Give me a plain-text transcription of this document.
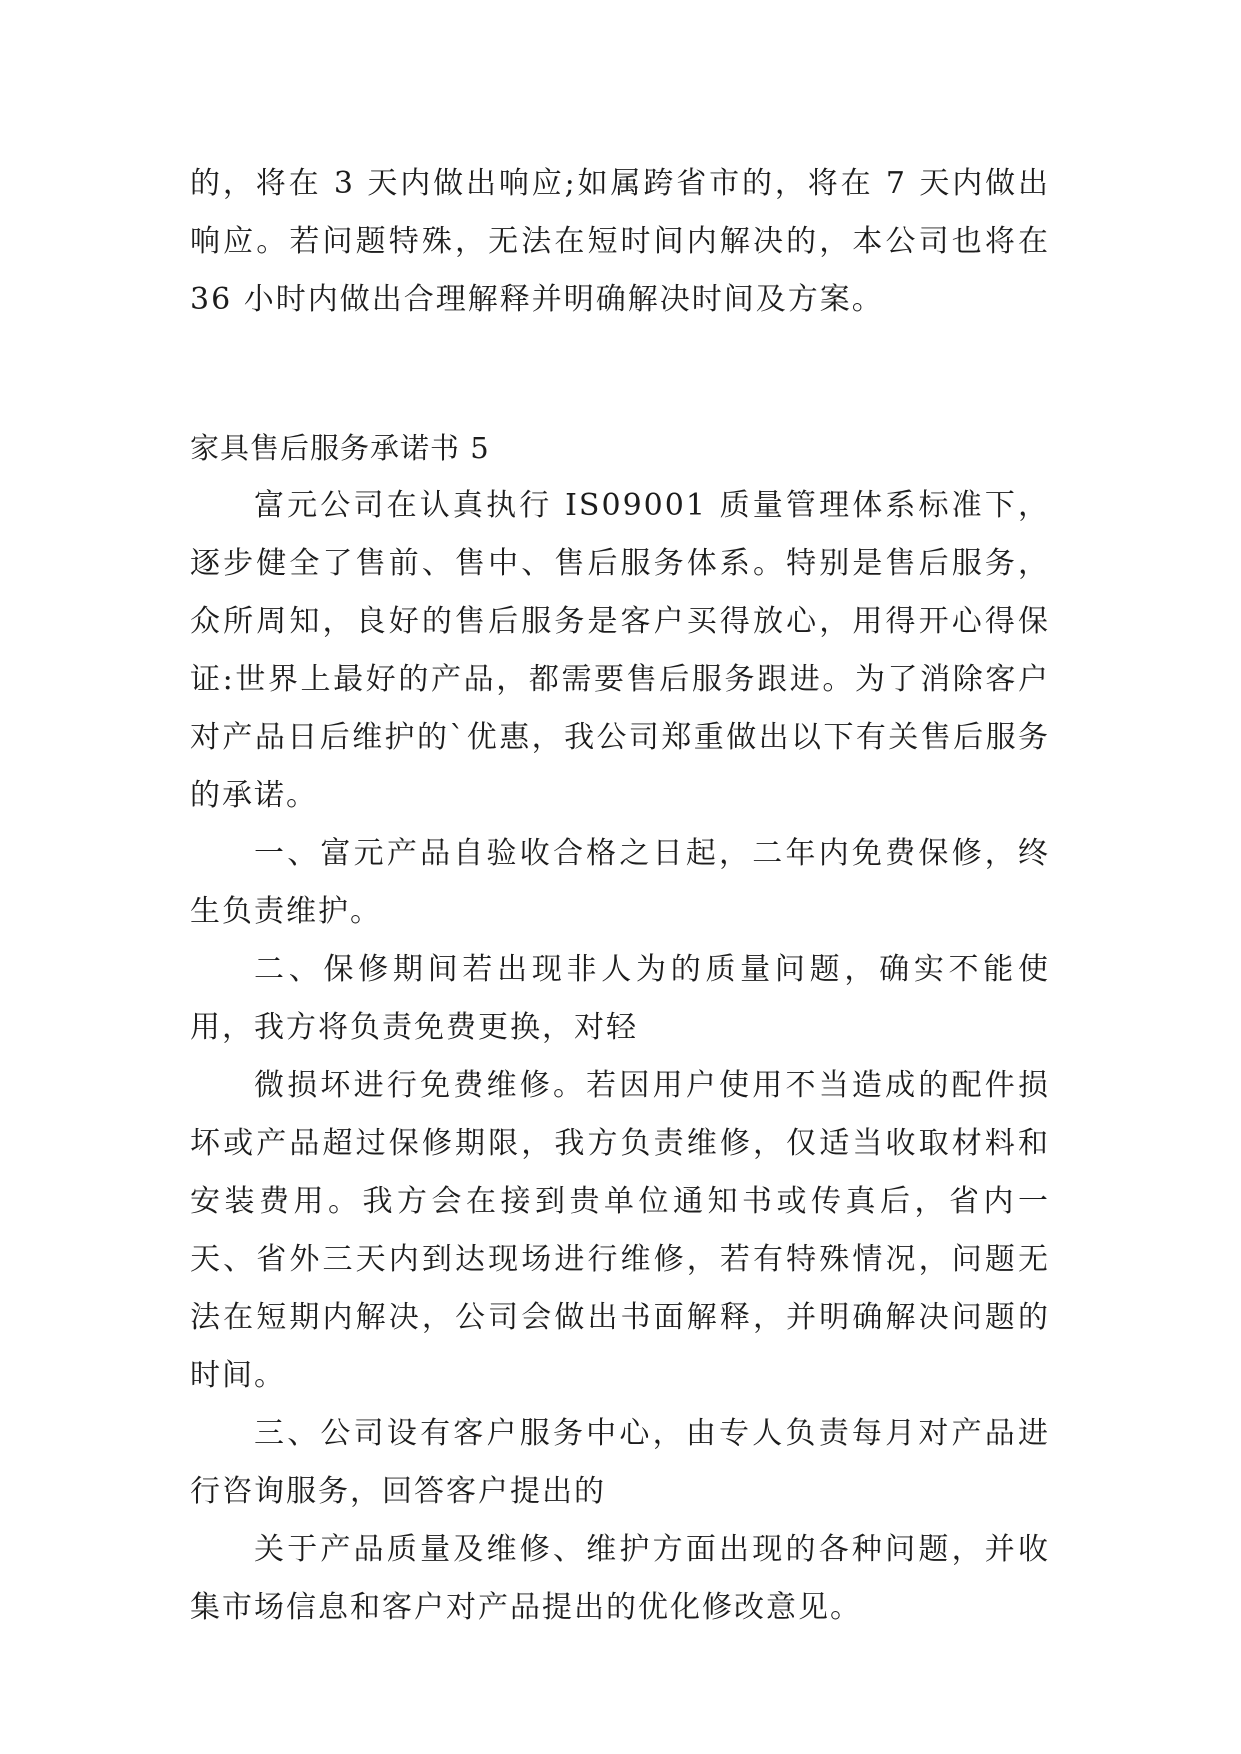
的，将在 3 天内做出响应;如属跨省市的，将在 7 天内做出响应。若问题特殊，无法在短时间内解决的，本公司也将在36 小时内做出合理解释并明确解决时间及方案。

家具售后服务承诺书 5

富元公司在认真执行 IS09001 质量管理体系标准下，逐步健全了售前、售中、售后服务体系。特别是售后服务，众所周知，良好的售后服务是客户买得放心，用得开心得保证:世界上最好的产品，都需要售后服务跟进。为了消除客户对产品日后维护的`优惠，我公司郑重做出以下有关售后服务的承诺。

一、富元产品自验收合格之日起，二年内免费保修，终生负责维护。

二、保修期间若出现非人为的质量问题，确实不能使用，我方将负责免费更换，对轻

微损坏进行免费维修。若因用户使用不当造成的配件损坏或产品超过保修期限，我方负责维修，仅适当收取材料和安装费用。我方会在接到贵单位通知书或传真后，省内一天、省外三天内到达现场进行维修，若有特殊情况，问题无法在短期内解决，公司会做出书面解释，并明确解决问题的时间。

三、公司设有客户服务中心，由专人负责每月对产品进行咨询服务，回答客户提出的

关于产品质量及维修、维护方面出现的各种问题，并收集市场信息和客户对产品提出的优化修改意见。
